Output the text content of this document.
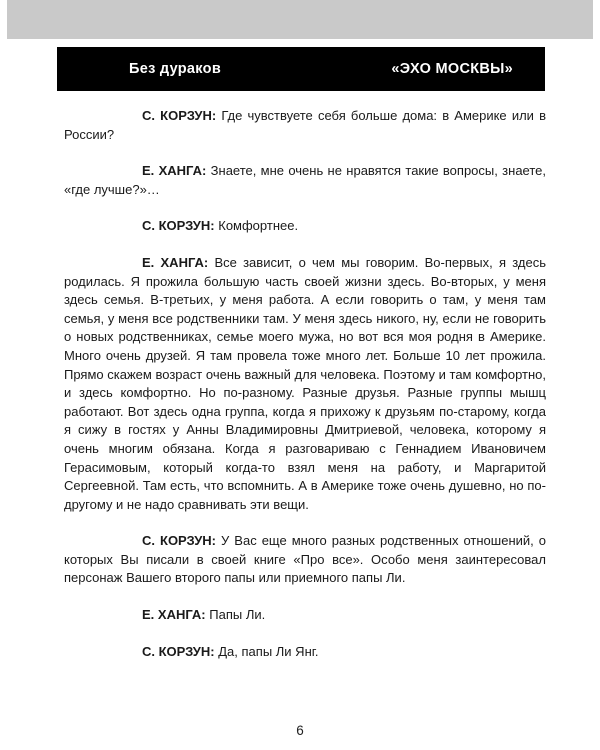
Без дураков	«ЭХО МОСКВЫ»

С. КОРЗУН: Где чувствуете себя больше дома: в Америке или в России?

Е. ХАНГА: Знаете, мне очень не нравятся такие вопросы, знаете, «где лучше?»…

С. КОРЗУН: Комфортнее.

Е. ХАНГА: Все зависит, о чем мы говорим. Во-первых, я здесь родилась. Я прожила большую часть своей жизни здесь. Во-вторых, у меня здесь семья. В-третьих, у меня работа. А если говорить о там, у меня там семья, у меня все родственники там. У меня здесь никого, ну, если не говорить о новых родственниках, семье моего мужа, но вот вся моя родня в Америке. Много очень друзей. Я там провела тоже много лет. Больше 10 лет прожила. Прямо скажем возраст очень важный для человека. Поэтому и там комфортно, и здесь комфортно. Но по-разному. Разные друзья. Разные группы мышц работают. Вот здесь одна группа, когда я прихожу к друзьям по-старому, когда я сижу в гостях у Анны Владимировны Дмитриевой, человека, которому я очень многим обязана. Когда я разговариваю с Геннадием Ивановичем Герасимовым, который когда-то взял меня на работу, и Маргаритой Сергеевной. Там есть, что вспомнить. А в Америке тоже очень душевно, но по-другому и не надо сравнивать эти вещи.

С. КОРЗУН: У Вас еще много разных родственных отношений, о которых Вы писали в своей книге «Про все». Особо меня заинтересовал персонаж Вашего второго папы или приемного папы Ли.

Е. ХАНГА: Папы Ли.

С. КОРЗУН: Да, папы Ли Янг.

6
